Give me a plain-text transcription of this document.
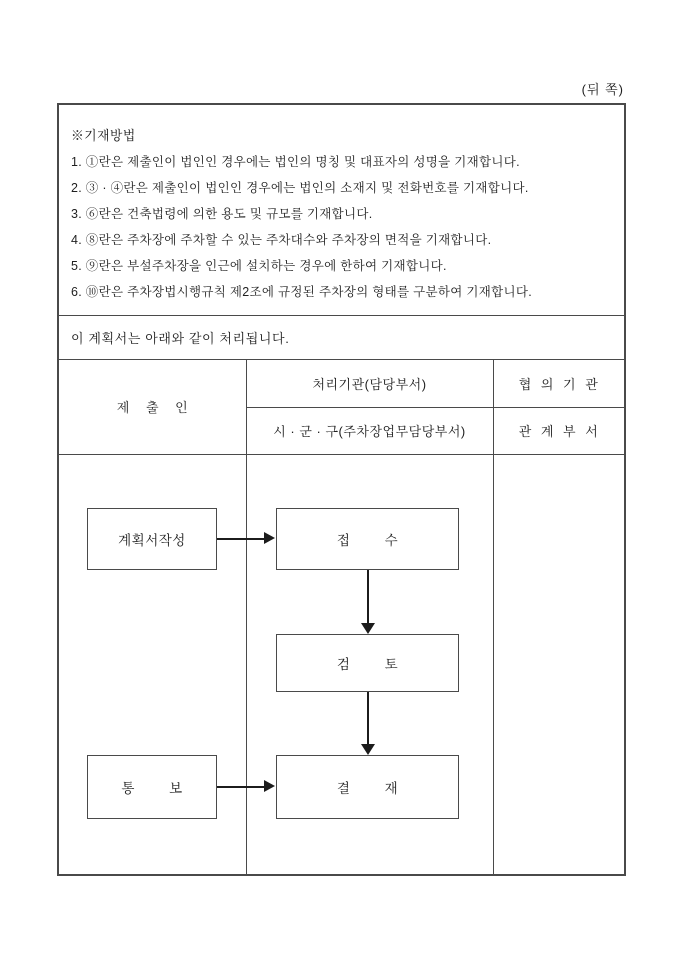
(뒤 쪽)
※기재방법
1. ①란은 제출인이 법인인 경우에는 법인의 명칭 및 대표자의 성명을 기재합니다.
2. ③ · ④란은 제출인이 법인인 경우에는 법인의 소재지 및 전화번호를 기재합니다.
3. ⑥란은 건축법령에 의한 용도 및 규모를 기재합니다.
4. ⑧란은 주차장에 주차할 수 있는 주차대수와 주차장의 면적을 기재합니다.
5. ⑨란은 부설주차장을 인근에 설치하는 경우에 한하여 기재합니다.
6. ⑩란은 주차장법시행규칙 제2조에 규정된 주차장의 형태를 구분하여 기재합니다.
이 계획서는 아래와 같이 처리됩니다.
제 출 인
처리기관(담당부서)	협 의 기 관
시 · 군 · 구(주차장업무담당부서)	관 계 부 서
계획서작성	접 수
검 토
통 보	결 재
